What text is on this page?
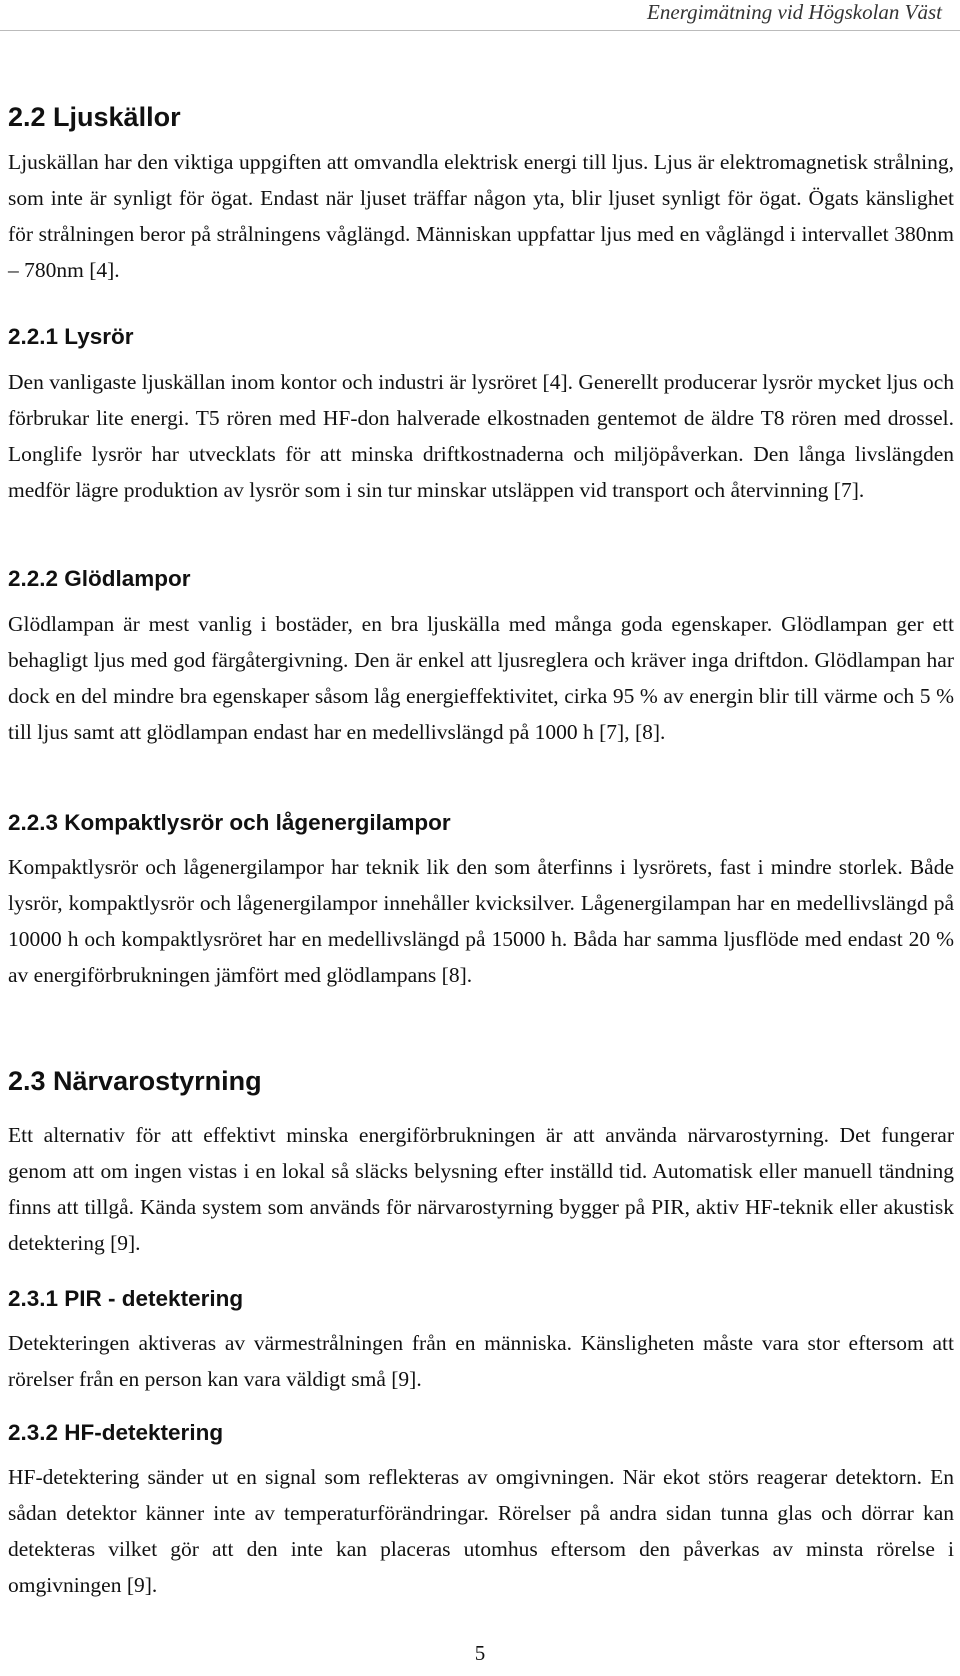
Energimätning vid Högskolan Väst
2.2 Ljuskällor

Ljuskällan har den viktiga uppgiften att omvandla elektrisk energi till ljus. Ljus är elektromagnetisk strålning, som inte är synligt för ögat. Endast när ljuset träffar någon yta, blir ljuset synligt för ögat. Ögats känslighet för strålningen beror på strålningens våglängd. Människan uppfattar ljus med en våglängd i intervallet 380nm – 780nm [4].

2.2.1 Lysrör

Den vanligaste ljuskällan inom kontor och industri är lysröret [4]. Generellt producerar lysrör mycket ljus och förbrukar lite energi. T5 rören med HF-don halverade elkostnaden gentemot de äldre T8 rören med drossel. Longlife lysrör har utvecklats för att minska driftkostnaderna och miljöpåverkan. Den långa livslängden medför lägre produktion av lysrör som i sin tur minskar utsläppen vid transport och återvinning [7].

2.2.2 Glödlampor

Glödlampan är mest vanlig i bostäder, en bra ljuskälla med många goda egenskaper. Glödlampan ger ett behagligt ljus med god färgåtergivning. Den är enkel att ljusreglera och kräver inga driftdon. Glödlampan har dock en del mindre bra egenskaper såsom låg energieffektivitet, cirka 95 % av energin blir till värme och 5 % till ljus samt att glödlampan endast har en medellivslängd på 1000 h [7], [8].

2.2.3 Kompaktlysrör och lågenergilampor

Kompaktlysrör och lågenergilampor har teknik lik den som återfinns i lysrörets, fast i mindre storlek. Både lysrör, kompaktlysrör och lågenergilampor innehåller kvicksilver. Lågenergilampan har en medellivslängd på 10000 h och kompaktlysröret har en medellivslängd på 15000 h. Båda har samma ljusflöde med endast 20 % av energiförbrukningen jämfört med glödlampans [8].

2.3 Närvarostyrning

Ett alternativ för att effektivt minska energiförbrukningen är att använda närvarostyrning. Det fungerar genom att om ingen vistas i en lokal så släcks belysning efter inställd tid. Automatisk eller manuell tändning finns att tillgå. Kända system som används för närvarostyrning bygger på PIR, aktiv HF-teknik eller akustisk detektering [9].

2.3.1 PIR - detektering

Detekteringen aktiveras av värmestrålningen från en människa. Känsligheten måste vara stor eftersom att rörelser från en person kan vara väldigt små [9].

2.3.2 HF-detektering

HF-detektering sänder ut en signal som reflekteras av omgivningen. När ekot störs reagerar detektorn. En sådan detektor känner inte av temperaturförändringar. Rörelser på andra sidan tunna glas och dörrar kan detekteras vilket gör att den inte kan placeras utomhus eftersom den påverkas av minsta rörelse i omgivningen [9].

5
